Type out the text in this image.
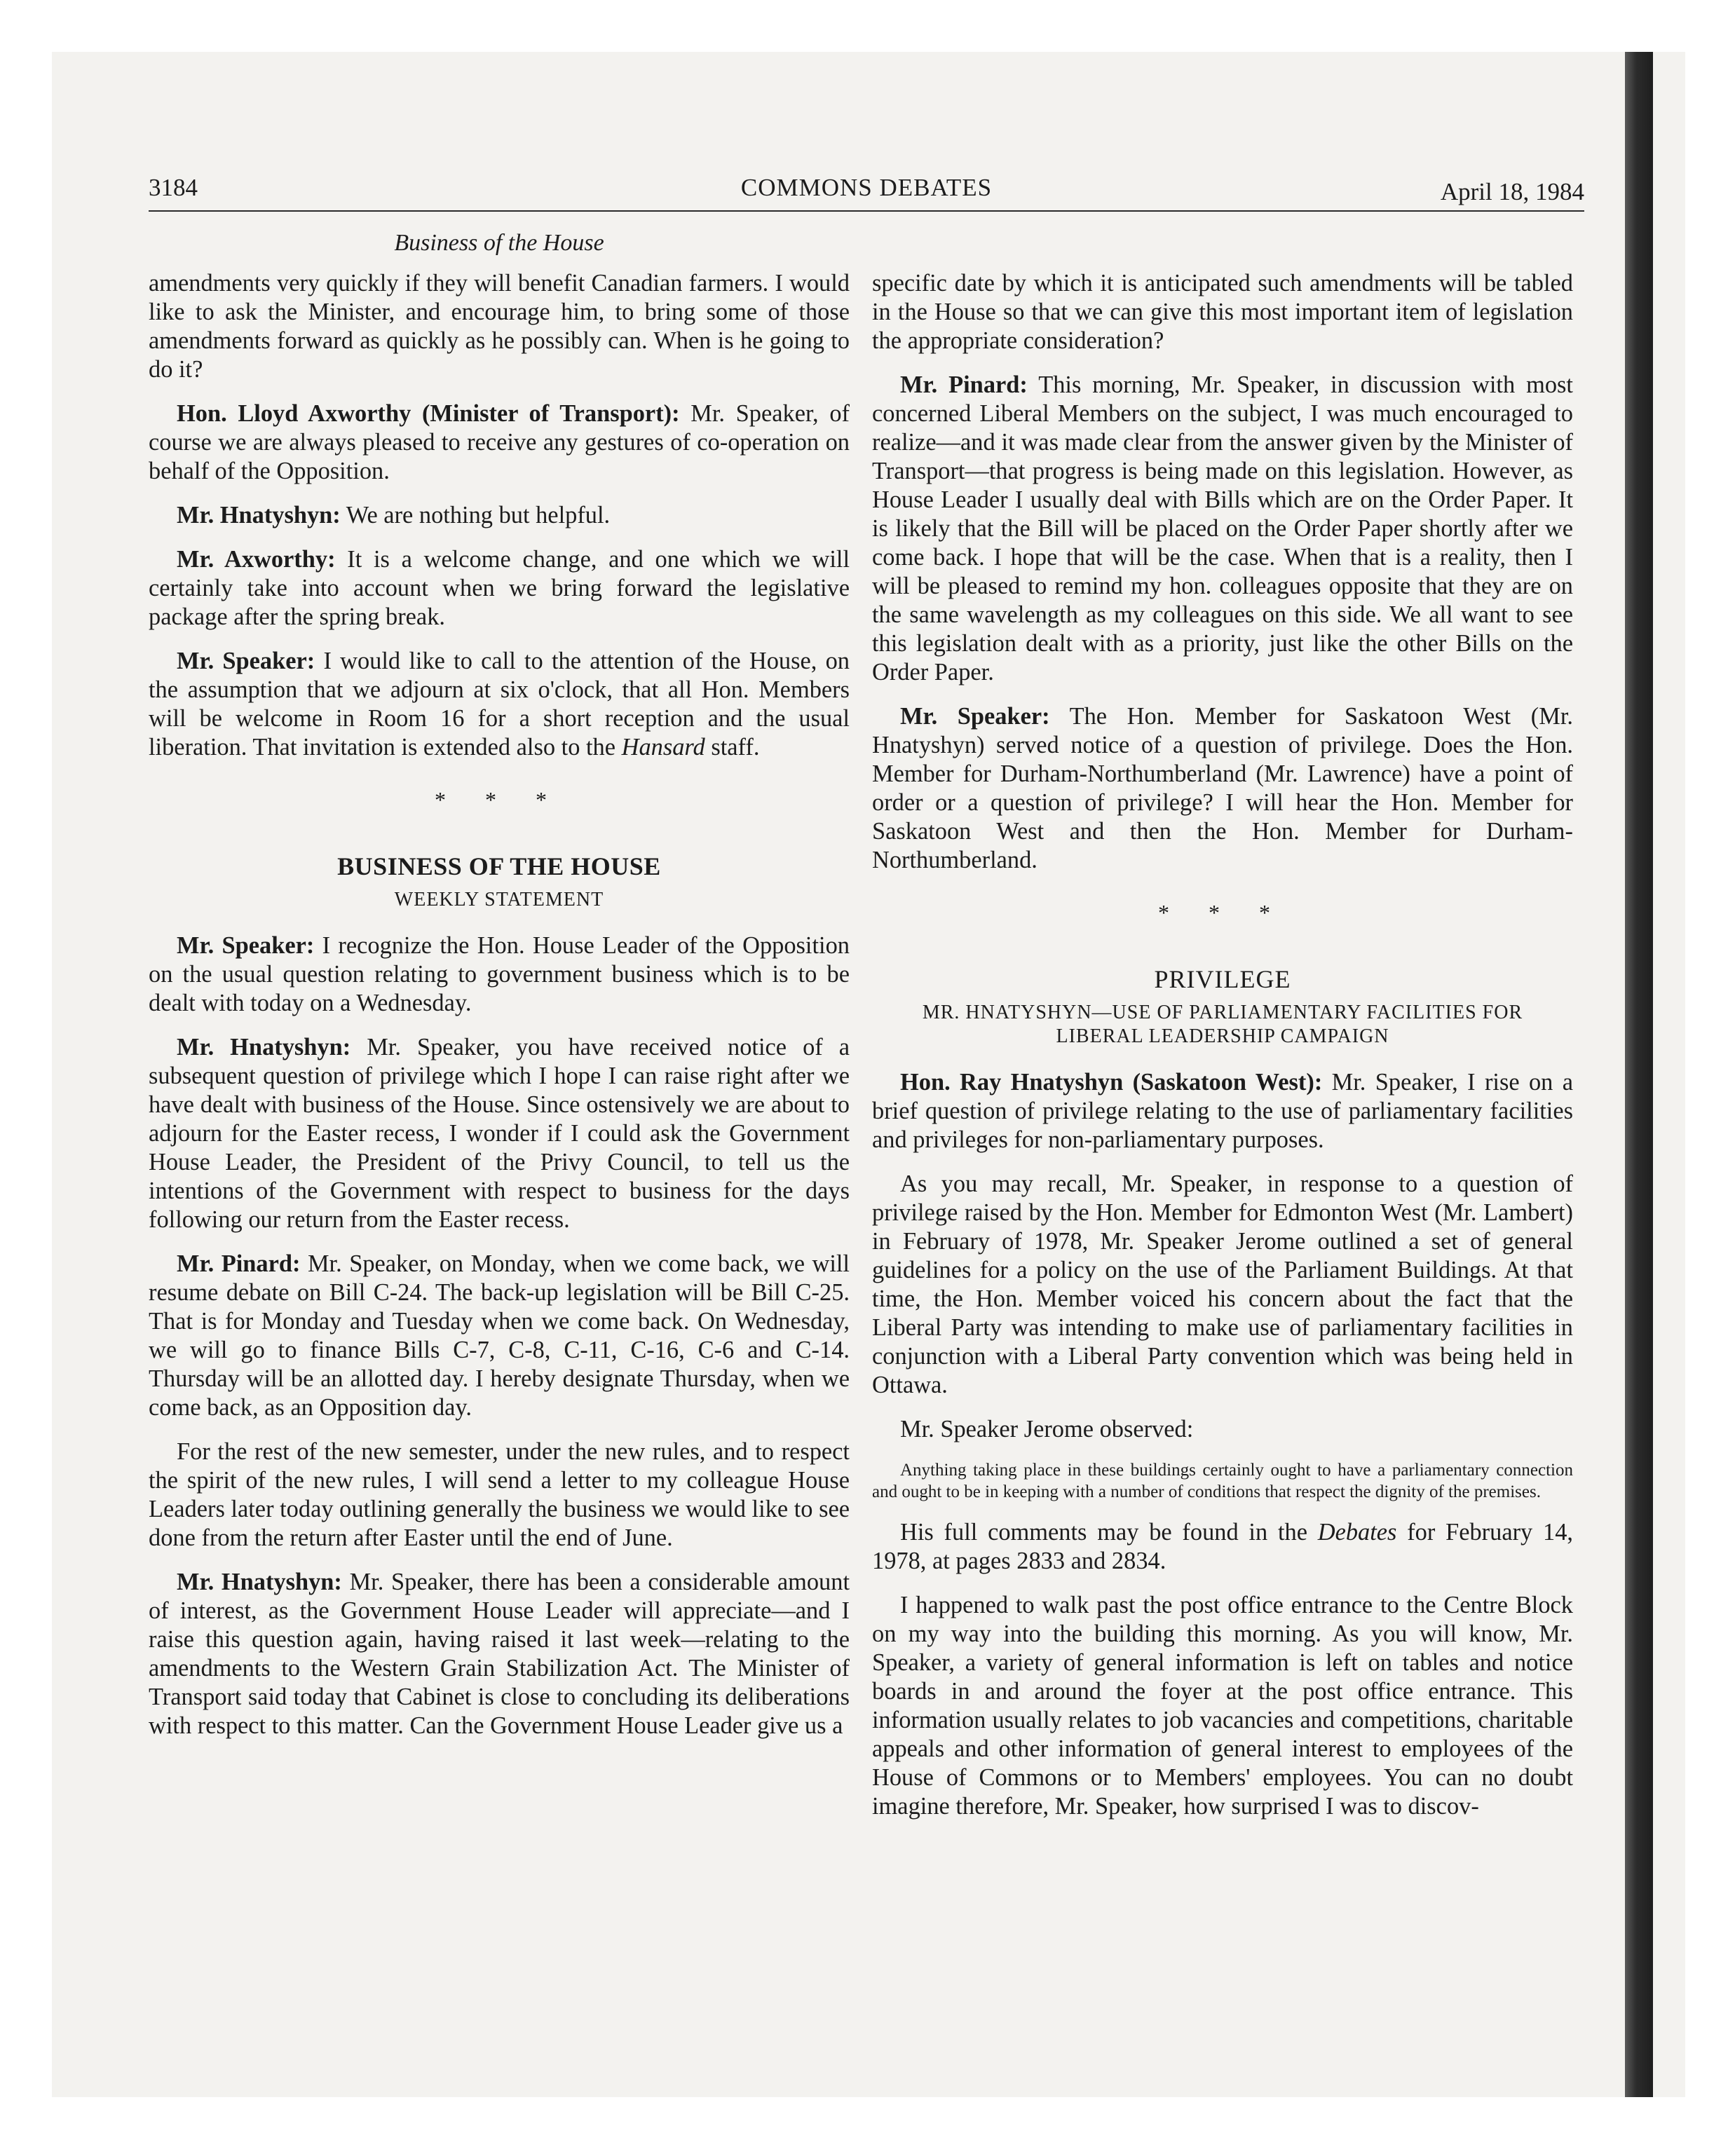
3184	COMMONS DEBATES	April 18, 1984
Business of the House

amendments very quickly if they will benefit Canadian farmers. I would like to ask the Minister, and encourage him, to bring some of those amendments forward as quickly as he possibly can. When is he going to do it?

Hon. Lloyd Axworthy (Minister of Transport): Mr. Speaker, of course we are always pleased to receive any gestures of co-operation on behalf of the Opposition.

Mr. Hnatyshyn: We are nothing but helpful.

Mr. Axworthy: It is a welcome change, and one which we will certainly take into account when we bring forward the legislative package after the spring break.

Mr. Speaker: I would like to call to the attention of the House, on the assumption that we adjourn at six o'clock, that all Hon. Members will be welcome in Room 16 for a short reception and the usual liberation. That invitation is extended also to the Hansard staff.

* * *
BUSINESS OF THE HOUSE
WEEKLY STATEMENT

Mr. Speaker: I recognize the Hon. House Leader of the Opposition on the usual question relating to government business which is to be dealt with today on a Wednesday.

Mr. Hnatyshyn: Mr. Speaker, you have received notice of a subsequent question of privilege which I hope I can raise right after we have dealt with business of the House. Since ostensively we are about to adjourn for the Easter recess, I wonder if I could ask the Government House Leader, the President of the Privy Council, to tell us the intentions of the Government with respect to business for the days following our return from the Easter recess.

Mr. Pinard: Mr. Speaker, on Monday, when we come back, we will resume debate on Bill C-24. The back-up legislation will be Bill C-25. That is for Monday and Tuesday when we come back. On Wednesday, we will go to finance Bills C-7, C-8, C-11, C-16, C-6 and C-14. Thursday will be an allotted day. I hereby designate Thursday, when we come back, as an Opposition day.

For the rest of the new semester, under the new rules, and to respect the spirit of the new rules, I will send a letter to my colleague House Leaders later today outlining generally the business we would like to see done from the return after Easter until the end of June.

Mr. Hnatyshyn: Mr. Speaker, there has been a considerable amount of interest, as the Government House Leader will appreciate—and I raise this question again, having raised it last week—relating to the amendments to the Western Grain Stabilization Act. The Minister of Transport said today that Cabinet is close to concluding its deliberations with respect to this matter. Can the Government House Leader give us a

specific date by which it is anticipated such amendments will be tabled in the House so that we can give this most important item of legislation the appropriate consideration?

Mr. Pinard: This morning, Mr. Speaker, in discussion with most concerned Liberal Members on the subject, I was much encouraged to realize—and it was made clear from the answer given by the Minister of Transport—that progress is being made on this legislation. However, as House Leader I usually deal with Bills which are on the Order Paper. It is likely that the Bill will be placed on the Order Paper shortly after we come back. I hope that will be the case. When that is a reality, then I will be pleased to remind my hon. colleagues opposite that they are on the same wavelength as my colleagues on this side. We all want to see this legislation dealt with as a priority, just like the other Bills on the Order Paper.

Mr. Speaker: The Hon. Member for Saskatoon West (Mr. Hnatyshyn) served notice of a question of privilege. Does the Hon. Member for Durham-Northumberland (Mr. Lawrence) have a point of order or a question of privilege? I will hear the Hon. Member for Saskatoon West and then the Hon. Member for Durham-Northumberland.

* * *
PRIVILEGE
MR. HNATYSHYN—USE OF PARLIAMENTARY FACILITIES FOR
LIBERAL LEADERSHIP CAMPAIGN

Hon. Ray Hnatyshyn (Saskatoon West): Mr. Speaker, I rise on a brief question of privilege relating to the use of parliamentary facilities and privileges for non-parliamentary purposes.

As you may recall, Mr. Speaker, in response to a question of privilege raised by the Hon. Member for Edmonton West (Mr. Lambert) in February of 1978, Mr. Speaker Jerome outlined a set of general guidelines for a policy on the use of the Parliament Buildings. At that time, the Hon. Member voiced his concern about the fact that the Liberal Party was intending to make use of parliamentary facilities in conjunction with a Liberal Party convention which was being held in Ottawa.

Mr. Speaker Jerome observed:

Anything taking place in these buildings certainly ought to have a parliamentary connection and ought to be in keeping with a number of conditions that respect the dignity of the premises.

His full comments may be found in the Debates for February 14, 1978, at pages 2833 and 2834.

I happened to walk past the post office entrance to the Centre Block on my way into the building this morning. As you will know, Mr. Speaker, a variety of general information is left on tables and notice boards in and around the foyer at the post office entrance. This information usually relates to job vacancies and competitions, charitable appeals and other information of general interest to employees of the House of Commons or to Members' employees. You can no doubt imagine therefore, Mr. Speaker, how surprised I was to discov-
